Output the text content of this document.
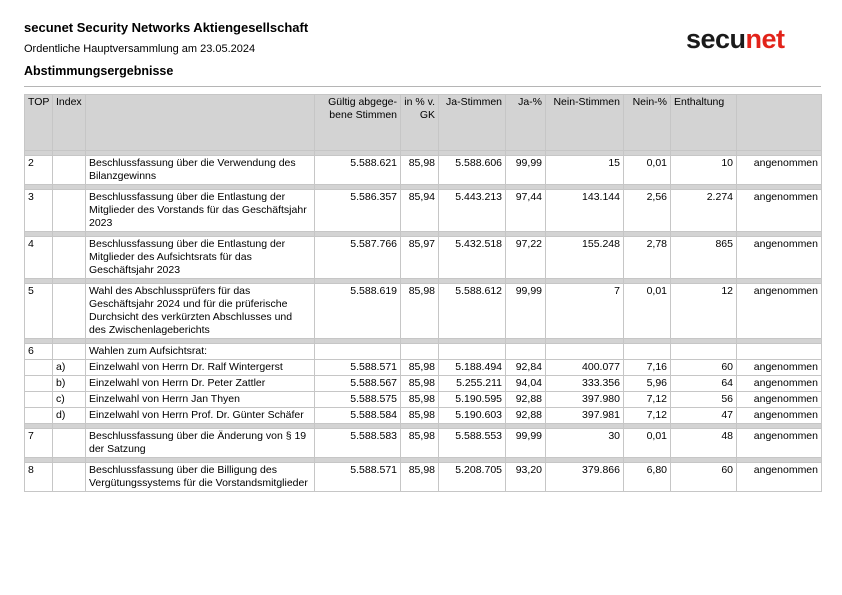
secunet Security Networks Aktiengesellschaft
Ordentliche Hauptversammlung am 23.05.2024
Abstimmungsergebnisse
secunet
TOP	Index		Gültig abgege-bene Stimmen	in % v. GK	Ja-Stimmen	Ja-%	Nein-Stimmen	Nein-%	Enthaltung	

2		Beschlussfassung über die Verwendung des Bilanzgewinns	5.588.621	85,98	5.588.606	99,99	15	0,01	10	angenommen

3		Beschlussfassung über die Entlastung der Mitglieder des Vorstands für das Geschäftsjahr 2023	5.586.357	85,94	5.443.213	97,44	143.144	2,56	2.274	angenommen

4		Beschlussfassung über die Entlastung der Mitglieder des Aufsichtsrats für das Geschäftsjahr 2023	5.587.766	85,97	5.432.518	97,22	155.248	2,78	865	angenommen

5		Wahl des Abschlussprüfers für das Geschäftsjahr 2024 und für die prüferische Durchsicht des verkürzten Abschlusses und des Zwischenlageberichts	5.588.619	85,98	5.588.612	99,99	7	0,01	12	angenommen

6		Wahlen zum Aufsichtsrat:								
	a)	Einzelwahl von Herrn Dr. Ralf Wintergerst	5.588.571	85,98	5.188.494	92,84	400.077	7,16	60	angenommen
	b)	Einzelwahl von Herrn Dr. Peter Zattler	5.588.567	85,98	5.255.211	94,04	333.356	5,96	64	angenommen
	c)	Einzelwahl von Herrn Jan Thyen	5.588.575	85,98	5.190.595	92,88	397.980	7,12	56	angenommen
	d)	Einzelwahl von Herrn Prof. Dr. Günter Schäfer	5.588.584	85,98	5.190.603	92,88	397.981	7,12	47	angenommen

7		Beschlussfassung über die Änderung von § 19 der Satzung	5.588.583	85,98	5.588.553	99,99	30	0,01	48	angenommen

8		Beschlussfassung über die Billigung des Vergütungssystems für die Vorstandsmitglieder	5.588.571	85,98	5.208.705	93,20	379.866	6,80	60	angenommen
